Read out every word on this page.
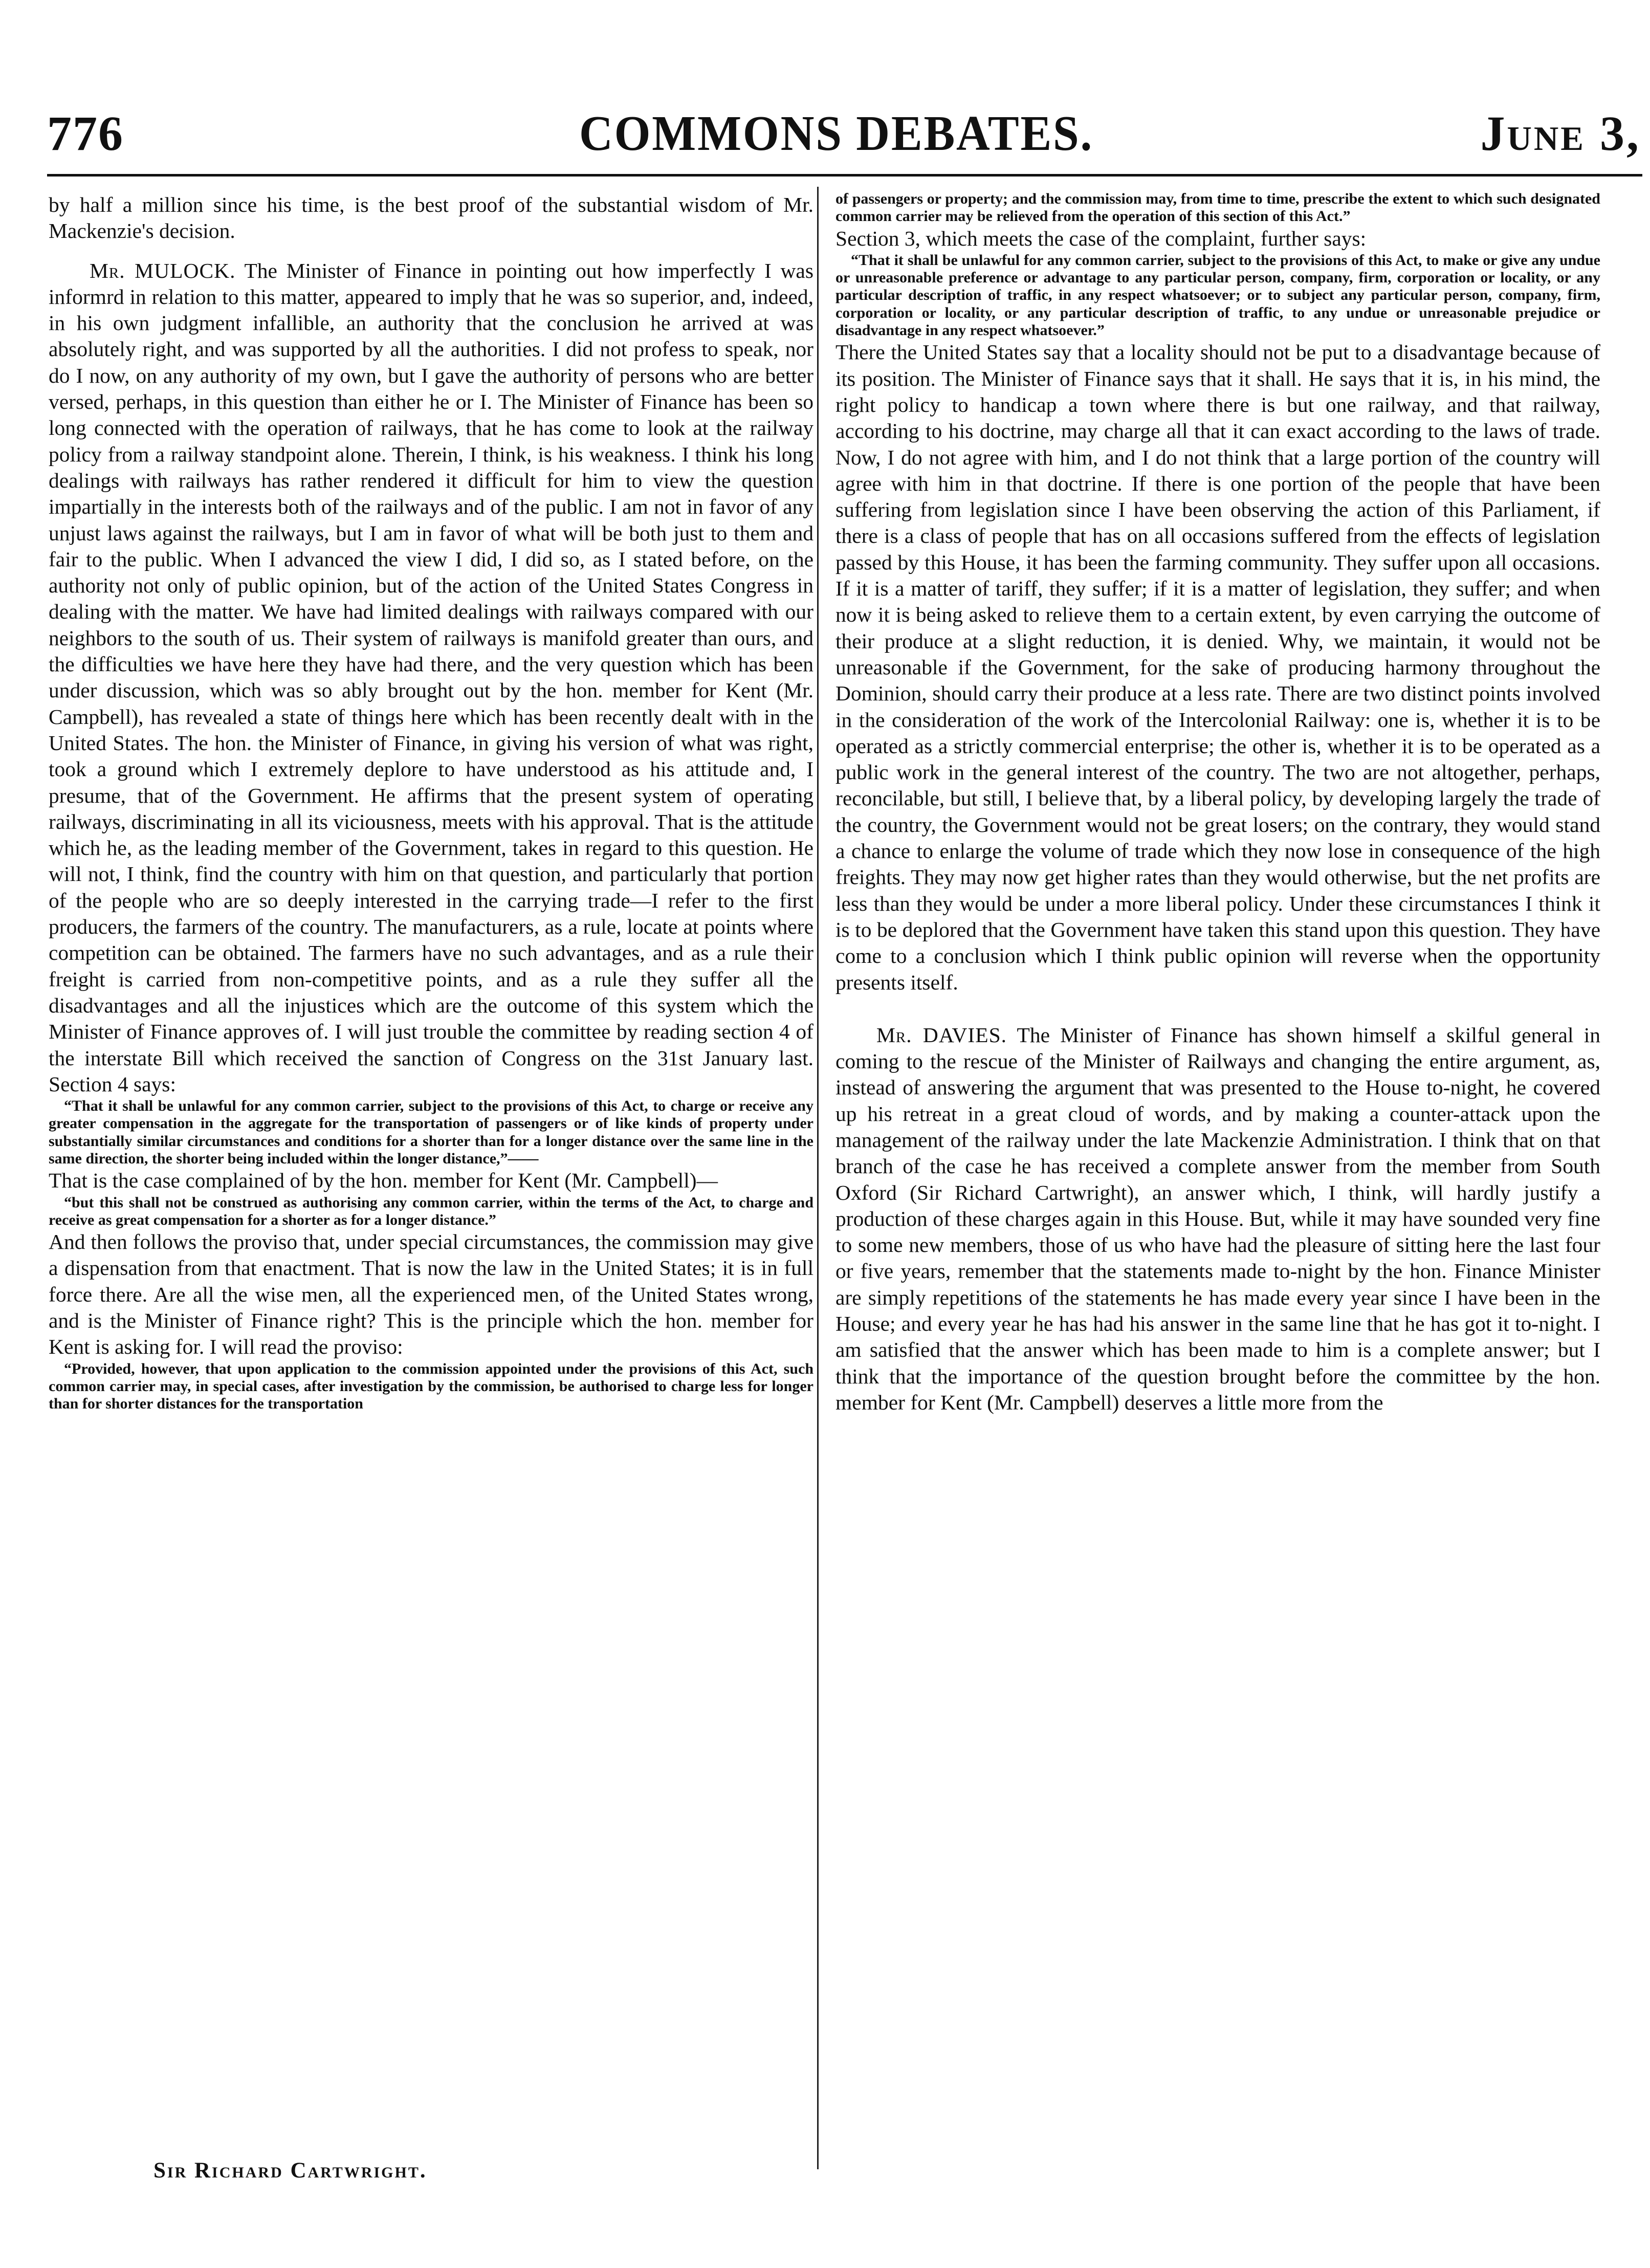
776	COMMONS DEBATES.	June 3,

by half a million since his time, is the best proof of the substantial wisdom of Mr. Mackenzie's decision.

Mr. MULOCK. The Minister of Finance in pointing out how imperfectly I was informrd in relation to this matter, appeared to imply that he was so superior, and, indeed, in his own judgment infallible, an authority that the conclusion he arrived at was absolutely right, and was supported by all the authorities. I did not profess to speak, nor do I now, on any authority of my own, but I gave the authority of persons who are better versed, perhaps, in this question than either he or I. The Minister of Finance has been so long connected with the operation of railways, that he has come to look at the railway policy from a railway standpoint alone. Therein, I think, is his weakness. I think his long dealings with railways has rather rendered it difficult for him to view the question impartially in the interests both of the railways and of the public. I am not in favor of any unjust laws against the railways, but I am in favor of what will be both just to them and fair to the public. When I advanced the view I did, I did so, as I stated before, on the authority not only of public opinion, but of the action of the United States Congress in dealing with the matter. We have had limited dealings with railways compared with our neighbors to the south of us. Their system of railways is manifold greater than ours, and the difficulties we have here they have had there, and the very question which has been under discussion, which was so ably brought out by the hon. member for Kent (Mr. Campbell), has revealed a state of things here which has been recently dealt with in the United States. The hon. the Minister of Finance, in giving his version of what was right, took a ground which I extremely deplore to have understood as his attitude and, I presume, that of the Government. He affirms that the present system of operating railways, discriminating in all its viciousness, meets with his approval. That is the attitude which he, as the leading member of the Government, takes in regard to this question. He will not, I think, find the country with him on that question, and particularly that portion of the people who are so deeply interested in the carrying trade—I refer to the first producers, the farmers of the country. The manufacturers, as a rule, locate at points where competition can be obtained. The farmers have no such advantages, and as a rule their freight is carried from non-competitive points, and as a rule they suffer all the disadvantages and all the injustices which are the outcome of this system which the Minister of Finance approves of. I will just trouble the committee by reading section 4 of the interstate Bill which received the sanction of Congress on the 31st January last. Section 4 says:

“That it shall be unlawful for any common carrier, subject to the provisions of this Act, to charge or receive any greater compensation in the aggregate for the transportation of passengers or of like kinds of property under substantially similar circumstances and conditions for a shorter than for a longer distance over the same line in the same direction, the shorter being included within the longer distance,”——

That is the case complained of by the hon. member for Kent (Mr. Campbell)—

“but this shall not be construed as authorising any common carrier, within the terms of the Act, to charge and receive as great compensation for a shorter as for a longer distance.”

And then follows the proviso that, under special circumstances, the commission may give a dispensation from that enactment. That is now the law in the United States; it is in full force there. Are all the wise men, all the experienced men, of the United States wrong, and is the Minister of Finance right? This is the principle which the hon. member for Kent is asking for. I will read the proviso:

“Provided, however, that upon application to the commission appointed under the provisions of this Act, such common carrier may, in special cases, after investigation by the commission, be authorised to charge less for longer than for shorter distances for the transportation

of passengers or property; and the commission may, from time to time, prescribe the extent to which such designated common carrier may be relieved from the operation of this section of this Act.”

Section 3, which meets the case of the complaint, further says:

“That it shall be unlawful for any common carrier, subject to the provisions of this Act, to make or give any undue or unreasonable preference or advantage to any particular person, company, firm, corporation or locality, or any particular description of traffic, in any respect whatsoever; or to subject any particular person, company, firm, corporation or locality, or any particular description of traffic, to any undue or unreasonable prejudice or disadvantage in any respect whatsoever.”

There the United States say that a locality should not be put to a disadvantage because of its position. The Minister of Finance says that it shall. He says that it is, in his mind, the right policy to handicap a town where there is but one railway, and that railway, according to his doctrine, may charge all that it can exact according to the laws of trade. Now, I do not agree with him, and I do not think that a large portion of the country will agree with him in that doctrine. If there is one portion of the people that have been suffering from legislation since I have been observing the action of this Parliament, if there is a class of people that has on all occasions suffered from the effects of legislation passed by this House, it has been the farming community. They suffer upon all occasions. If it is a matter of tariff, they suffer; if it is a matter of legislation, they suffer; and when now it is being asked to relieve them to a certain extent, by even carrying the outcome of their produce at a slight reduction, it is denied. Why, we maintain, it would not be unreasonable if the Government, for the sake of producing harmony throughout the Dominion, should carry their produce at a less rate. There are two distinct points involved in the consideration of the work of the Intercolonial Railway: one is, whether it is to be operated as a strictly commercial enterprise; the other is, whether it is to be operated as a public work in the general interest of the country. The two are not altogether, perhaps, reconcilable, but still, I believe that, by a liberal policy, by developing largely the trade of the country, the Government would not be great losers; on the contrary, they would stand a chance to enlarge the volume of trade which they now lose in consequence of the high freights. They may now get higher rates than they would otherwise, but the net profits are less than they would be under a more liberal policy. Under these circumstances I think it is to be deplored that the Government have taken this stand upon this question. They have come to a conclusion which I think public opinion will reverse when the opportunity presents itself.

Mr. DAVIES. The Minister of Finance has shown himself a skilful general in coming to the rescue of the Minister of Railways and changing the entire argument, as, instead of answering the argument that was presented to the House to-night, he covered up his retreat in a great cloud of words, and by making a counter-attack upon the management of the railway under the late Mackenzie Administration. I think that on that branch of the case he has received a complete answer from the member from South Oxford (Sir Richard Cartwright), an answer which, I think, will hardly justify a production of these charges again in this House. But, while it may have sounded very fine to some new members, those of us who have had the pleasure of sitting here the last four or five years, remember that the statements made to-night by the hon. Finance Minister are simply repetitions of the statements he has made every year since I have been in the House; and every year he has had his answer in the same line that he has got it to-night. I am satisfied that the answer which has been made to him is a complete answer; but I think that the importance of the question brought before the committee by the hon. member for Kent (Mr. Campbell) deserves a little more from the

Sir Richard Cartwright.
